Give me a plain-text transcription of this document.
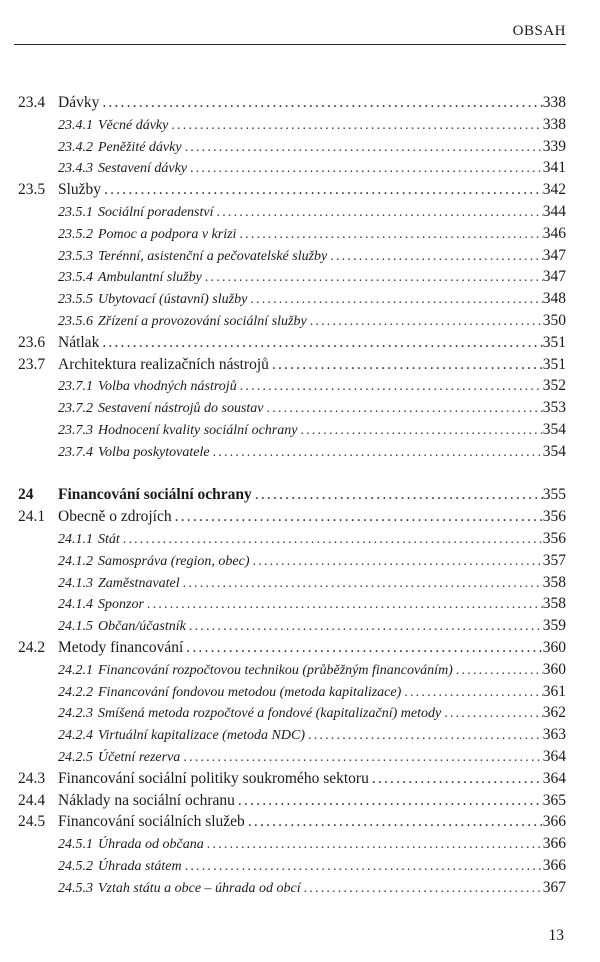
OBSAH
23.4 Dávky .....	338
23.4.1 Věcné dávky .....	338
23.4.2 Peněžité dávky .....	339
23.4.3 Sestavení dávky .....	341
23.5 Služby .....	342
23.5.1 Sociální poradenství .....	344
23.5.2 Pomoc a podpora v krizi .....	346
23.5.3 Terénní, asistenční a pečovatelské služby .....	347
23.5.4 Ambulantní služby .....	347
23.5.5 Ubytovací (ústavní) služby .....	348
23.5.6 Zřízení a provozování sociální služby .....	350
23.6 Nátlak .....	351
23.7 Architektura realizačních nástrojů .....	351
23.7.1 Volba vhodných nástrojů .....	352
23.7.2 Sestavení nástrojů do soustav .....	353
23.7.3 Hodnocení kvality sociální ochrany .....	354
23.7.4 Volba poskytovatele .....	354
24	Financování sociální ochrany .....	355
24.1 Obecně o zdrojích .....	356
24.1.1 Stát .....	356
24.1.2 Samospráva (region, obec) .....	357
24.1.3 Zaměstnavatel .....	358
24.1.4 Sponzor .....	358
24.1.5 Občan/účastník .....	359
24.2 Metody financování .....	360
24.2.1 Financování rozpočtovou technikou (průběžným financováním) .....	360
24.2.2 Financování fondovou metodou (metoda kapitalizace) .....	361
24.2.3 Smíšená metoda rozpočtové a fondové (kapitalizační) metody .....	362
24.2.4 Virtuální kapitalizace (metoda NDC) .....	363
24.2.5 Účetní rezerva .....	364
24.3 Financování sociální politiky soukromého sektoru .....	364
24.4 Náklady na sociální ochranu .....	365
24.5 Financování sociálních služeb .....	366
24.5.1 Úhrada od občana .....	366
24.5.2 Úhrada státem .....	366
24.5.3 Vztah státu a obce – úhrada od obcí .....	367
13
